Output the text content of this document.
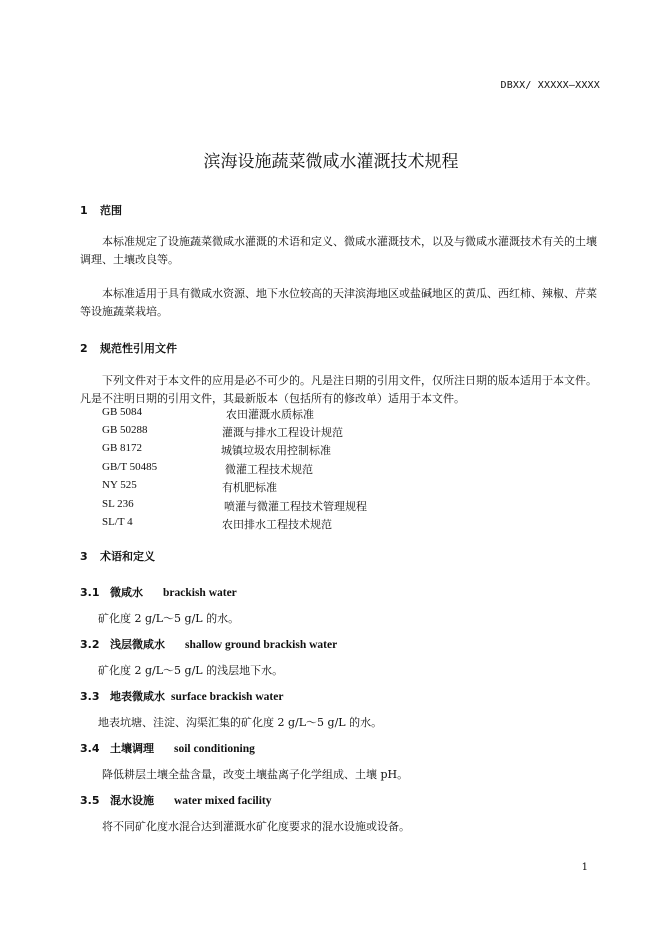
DBXX/ XXXXX—XXXX
滨海设施蔬菜微咸水灌溉技术规程
1 范围
本标准规定了设施蔬菜微咸水灌溉的术语和定义、微咸水灌溉技术，以及与微咸水灌溉技术有关的土壤调理、土壤改良等。
本标准适用于具有微咸水资源、地下水位较高的天津滨海地区或盐碱地区的黄瓜、西红柿、辣椒、芹菜等设施蔬菜栽培。
2 规范性引用文件
下列文件对于本文件的应用是必不可少的。凡是注日期的引用文件，仅所注日期的版本适用于本文件。凡是不注明日期的引用文件，其最新版本（包括所有的修改单）适用于本文件。
GB 5084	农田灌溉水质标准
GB 50288	灌溉与排水工程设计规范
GB 8172	城镇垃圾农用控制标准
GB/T 50485	微灌工程技术规范
NY 525	有机肥标准
SL 236	喷灌与微灌工程技术管理规程
SL/T 4	农田排水工程技术规范
3 术语和定义
3.1 微咸水 brackish water
矿化度 2 g/L～5 g/L 的水。
3.2 浅层微咸水 shallow ground brackish water
矿化度 2 g/L～5 g/L 的浅层地下水。
3.3 地表微咸水 surface brackish water
地表坑塘、洼淀、沟渠汇集的矿化度 2 g/L～5 g/L 的水。
3.4 土壤调理 soil conditioning
降低耕层土壤全盐含量，改变土壤盐离子化学组成、土壤 pH。
3.5 混水设施 water mixed facility
将不同矿化度水混合达到灌溉水矿化度要求的混水设施或设备。
1
